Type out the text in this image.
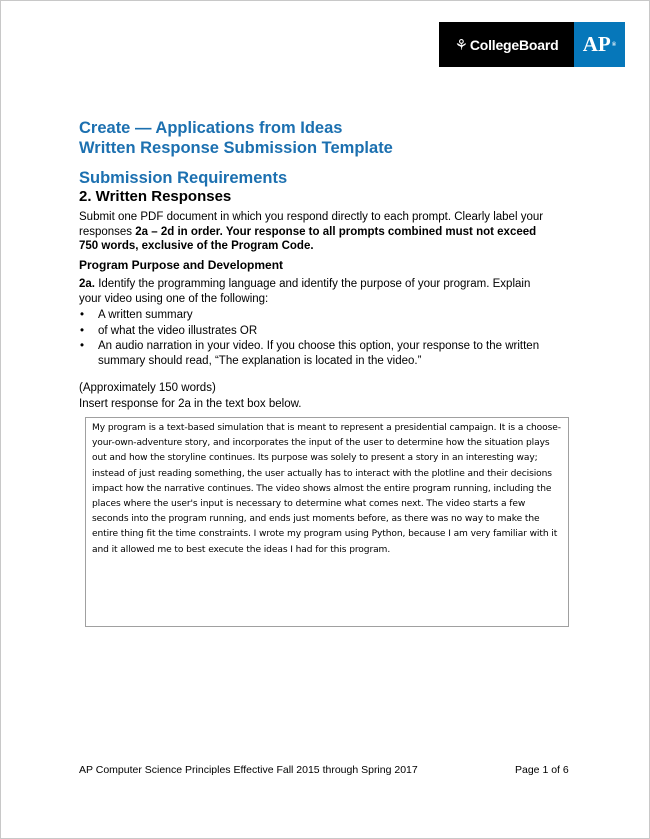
⚘ CollegeBoard AP ®
Create — Applications from Ideas
Written Response Submission Template
Submission Requirements
2. Written Responses
Submit one PDF document in which you respond directly to each prompt. Clearly label your responses 2a – 2d in order. Your response to all prompts combined must not exceed 750 words, exclusive of the Program Code.
Program Purpose and Development
2a. Identify the programming language and identify the purpose of your program. Explain your video using one of the following:
• A written summary
• of what the video illustrates OR
• An audio narration in your video. If you choose this option, your response to the written summary should read, “The explanation is located in the video.”
(Approximately 150 words)
Insert response for 2a in the text box below.
My program is a text-based simulation that is meant to represent a presidential campaign. It is a choose-your-own-adventure story, and incorporates the input of the user to determine how the situation plays out and how the storyline continues. Its purpose was solely to present a story in an interesting way; instead of just reading something, the user actually has to interact with the plotline and their decisions impact how the narrative continues. The video shows almost the entire program running, including the places where the user's input is necessary to determine what comes next. The video starts a few seconds into the program running, and ends just moments before, as there was no way to make the entire thing fit the time constraints. I wrote my program using Python, because I am very familiar with it and it allowed me to best execute the ideas I had for this program.
AP Computer Science Principles Effective Fall 2015 through Spring 2017	Page 1 of 6
